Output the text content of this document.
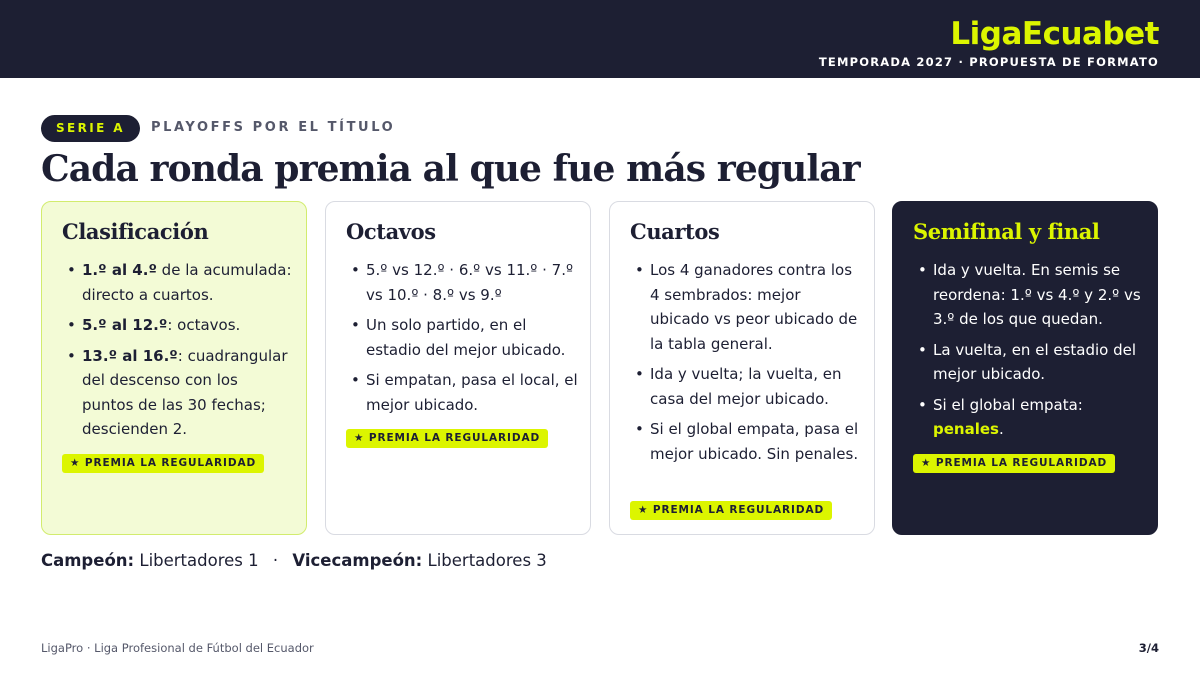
LigaEcuabet
TEMPORADA 2027 · PROPUESTA DE FORMATO
SERIE A	PLAYOFFS POR EL TÍTULO
Cada ronda premia al que fue más regular
Clasificación
• 1.º al 4.º de la acumulada: directo a cuartos.
• 5.º al 12.º: octavos.
• 13.º al 16.º: cuadrangular del descenso con los puntos de las 30 fechas; descienden 2.
★ PREMIA LA REGULARIDAD
Octavos
• 5.º vs 12.º · 6.º vs 11.º · 7.º vs 10.º · 8.º vs 9.º
• Un solo partido, en el estadio del mejor ubicado.
• Si empatan, pasa el local, el mejor ubicado.
★ PREMIA LA REGULARIDAD
Cuartos
• Los 4 ganadores contra los 4 sembrados: mejor ubicado vs peor ubicado de la tabla general.
• Ida y vuelta; la vuelta, en casa del mejor ubicado.
• Si el global empata, pasa el mejor ubicado. Sin penales.
★ PREMIA LA REGULARIDAD
Semifinal y final
• Ida y vuelta. En semis se reordena: 1.º vs 4.º y 2.º vs 3.º de los que quedan.
• La vuelta, en el estadio del mejor ubicado.
• Si el global empata: penales.
★ PREMIA LA REGULARIDAD
Campeón: Libertadores 1 · Vicecampeón: Libertadores 3
LigaPro · Liga Profesional de Fútbol del Ecuador	3/4
